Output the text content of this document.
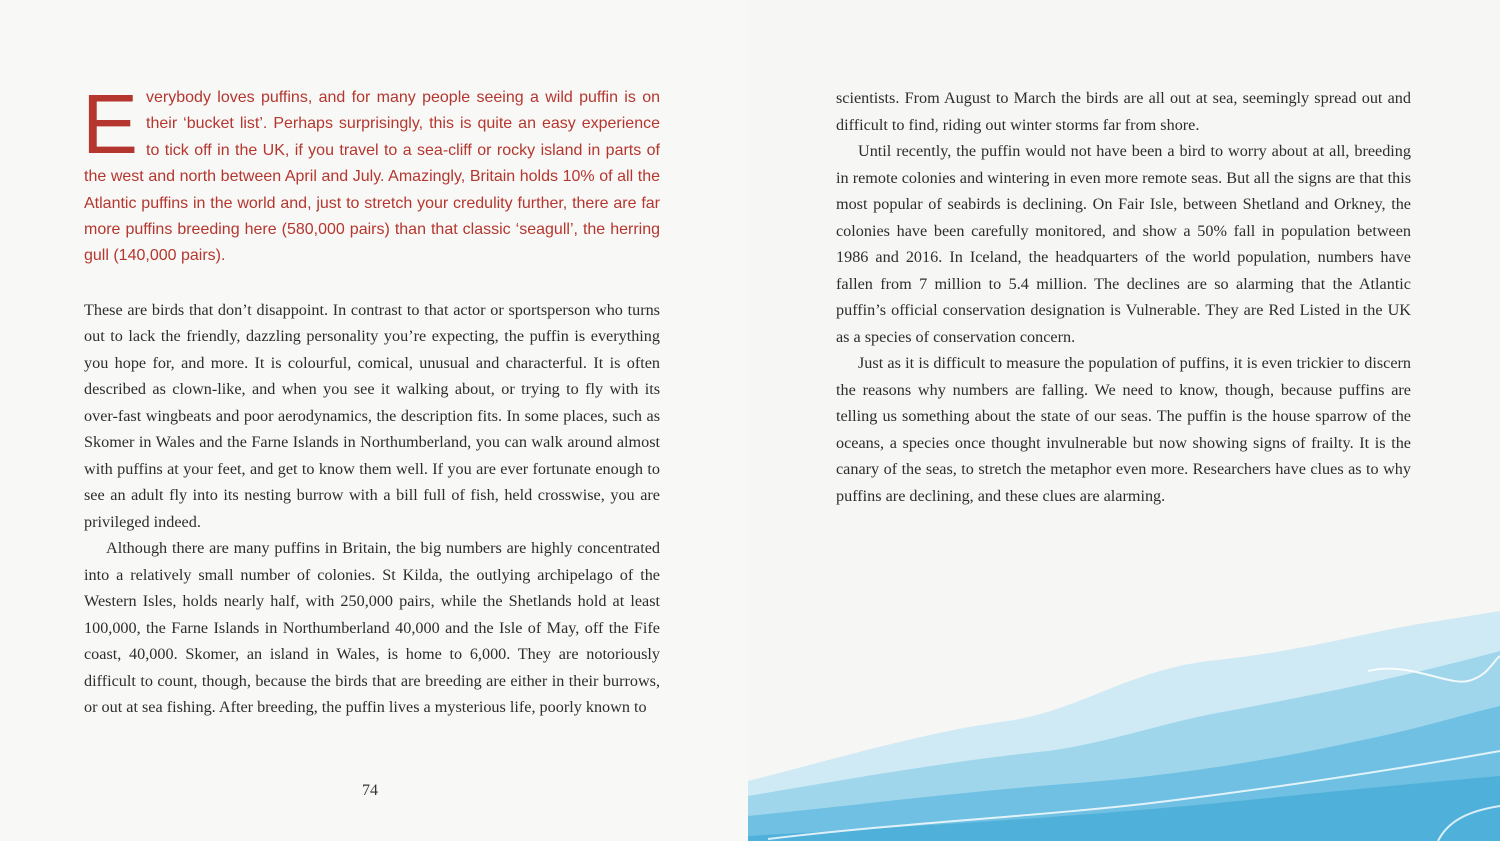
Everybody loves puffins, and for many people seeing a wild puffin is on their ‘bucket list’. Perhaps surprisingly, this is quite an easy experience to tick off in the UK, if you travel to a sea-cliff or rocky island in parts of the west and north between April and July. Amazingly, Britain holds 10% of all the Atlantic puffins in the world and, just to stretch your credulity further, there are far more puffins breeding here (580,000 pairs) than that classic ‘seagull’, the herring gull (140,000 pairs).

These are birds that don’t disappoint. In contrast to that actor or sportsperson who turns out to lack the friendly, dazzling personality you’re expecting, the puffin is everything you hope for, and more. It is colourful, comical, unusual and characterful. It is often described as clown-like, and when you see it walking about, or trying to fly with its over-fast wingbeats and poor aerodynamics, the description fits. In some places, such as Skomer in Wales and the Farne Islands in Northumberland, you can walk around almost with puffins at your feet, and get to know them well. If you are ever fortunate enough to see an adult fly into its nesting burrow with a bill full of fish, held crosswise, you are privileged indeed.

Although there are many puffins in Britain, the big numbers are highly concentrated into a relatively small number of colonies. St Kilda, the outlying archipelago of the Western Isles, holds nearly half, with 250,000 pairs, while the Shetlands hold at least 100,000, the Farne Islands in Northumberland 40,000 and the Isle of May, off the Fife coast, 40,000. Skomer, an island in Wales, is home to 6,000. They are notoriously difficult to count, though, because the birds that are breeding are either in their burrows, or out at sea fishing. After breeding, the puffin lives a mysterious life, poorly known to

74

scientists. From August to March the birds are all out at sea, seemingly spread out and difficult to find, riding out winter storms far from shore.

Until recently, the puffin would not have been a bird to worry about at all, breeding in remote colonies and wintering in even more remote seas. But all the signs are that this most popular of seabirds is declining. On Fair Isle, between Shetland and Orkney, the colonies have been carefully monitored, and show a 50% fall in population between 1986 and 2016. In Iceland, the headquarters of the world population, numbers have fallen from 7 million to 5.4 million. The declines are so alarming that the Atlantic puffin’s official conservation designation is Vulnerable. They are Red Listed in the UK as a species of conservation concern.

Just as it is difficult to measure the population of puffins, it is even trickier to discern the reasons why numbers are falling. We need to know, though, because puffins are telling us something about the state of our seas. The puffin is the house sparrow of the oceans, a species once thought invulnerable but now showing signs of frailty. It is the canary of the seas, to stretch the metaphor even more. Researchers have clues as to why puffins are declining, and these clues are alarming.
